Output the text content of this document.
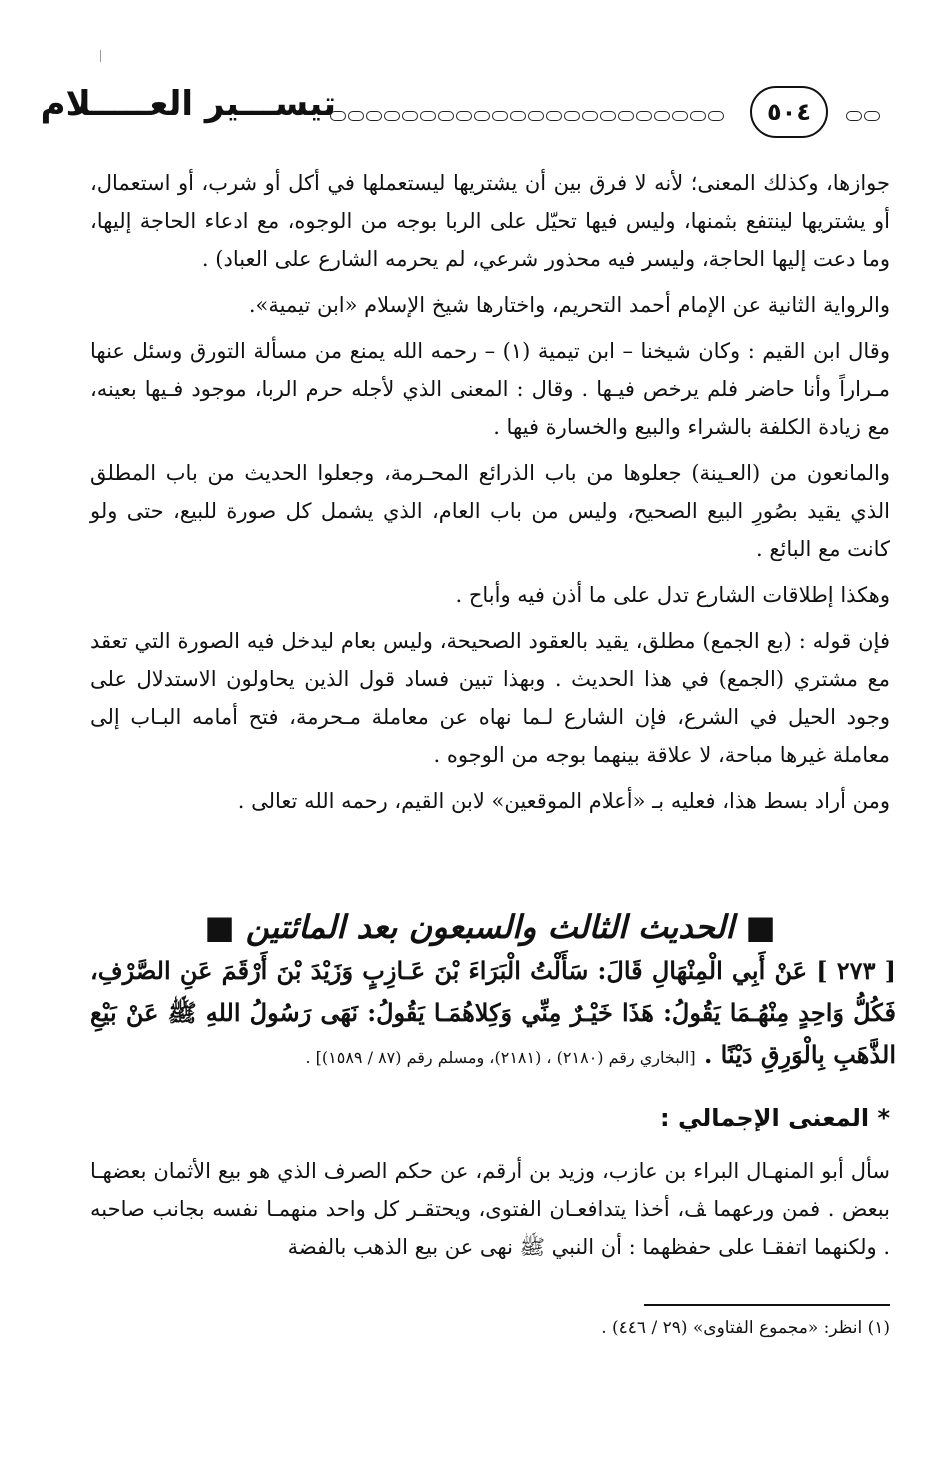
٥٠٤
تيســـير العـــــلام

جوازها، وكذلك المعنى؛ لأنه لا فرق بين أن يشتريها ليستعملها في أكل أو شرب، أو استعمال، أو يشتريها لينتفع بثمنها، وليس فيها تحيّل على الربا بوجه من الوجوه، مع ادعاء الحاجة إليها، وما دعت إليها الحاجة، وليسر فيه محذور شرعي، لم يحرمه الشارع على العباد) .

والرواية الثانية عن الإمام أحمد التحريم، واختارها شيخ الإسلام «ابن تيمية».

وقال ابن القيم : وكان شيخنا – ابن تيمية (١) – رحمه الله يمنع من مسألة التورق وسئل عنها مـراراً وأنا حاضر فلم يرخص فيـها . وقال : المعنى الذي لأجله حرم الربا، موجود فـيها بعينه، مع زيادة الكلفة بالشراء والبيع والخسارة فيها .

والمانعون من (العـينة) جعلوها من باب الذرائع المحـرمة، وجعلوا الحديث من باب المطلق الذي يقيد بصُورِ البيع الصحيح، وليس من باب العام، الذي يشمل كل صورة للبيع، حتى ولو كانت مع البائع .

وهكذا إطلاقات الشارع تدل على ما أذن فيه وأباح .

فإن قوله : (بع الجمع) مطلق، يقيد بالعقود الصحيحة، وليس بعام ليدخل فيه الصورة التي تعقد مع مشتري (الجمع) في هذا الحديث . وبهذا تبين فساد قول الذين يحاولون الاستدلال على وجود الحيل في الشرع، فإن الشارع لـما نهاه عن معاملة مـحرمة، فتح أمامه البـاب إلى معاملة غيرها مباحة، لا علاقة بينهما بوجه من الوجوه .

ومن أراد بسط هذا، فعليه بـ «أعلام الموقعين» لابن القيم، رحمه الله تعالى .

■ الحديث الثالث والسبعون بعد المائتين ■
[ ٢٧٣ ] عَنْ أَبِي الْمِنْهَالِ قَالَ: سَأَلْتُ الْبَرَاءَ بْنَ عَـازِبٍ وَزَيْدَ بْنَ أَرْقَمَ عَنِ الصَّرْفِ، فَكُلُّ وَاحِدٍ مِنْهُـمَا يَقُولُ: هَذَا خَيْـرٌ مِنِّي وَكِلاهُمَـا يَقُولُ: نَهَى رَسُولُ اللهِ ﷺ عَنْ بَيْعِ الذَّهَبِ بِالْوَرِقِ دَيْنًا . [البخاري رقم (٢١٨٠) ، (٢١٨١)، ومسلم رقم (٨٧ / ١٥٨٩)] .
* المعنى الإجمالي :

سأل أبو المنهـال البراء بن عازب، وزيد بن أرقم، عن حكم الصرف الذي هو بيع الأثمان بعضهـا ببعض . فمن ورعهما ﭫ، أخذا يتدافعـان الفتوى، ويحتقـر كل واحد منهمـا نفسه بجانب صاحبه . ولكنهما اتفقـا على حفظهما : أن النبي ﷺ نهى عن بيع الذهب بالفضة

(١) انظر: «مجموع الفتاوى» (٢٩ / ٤٤٦) .
